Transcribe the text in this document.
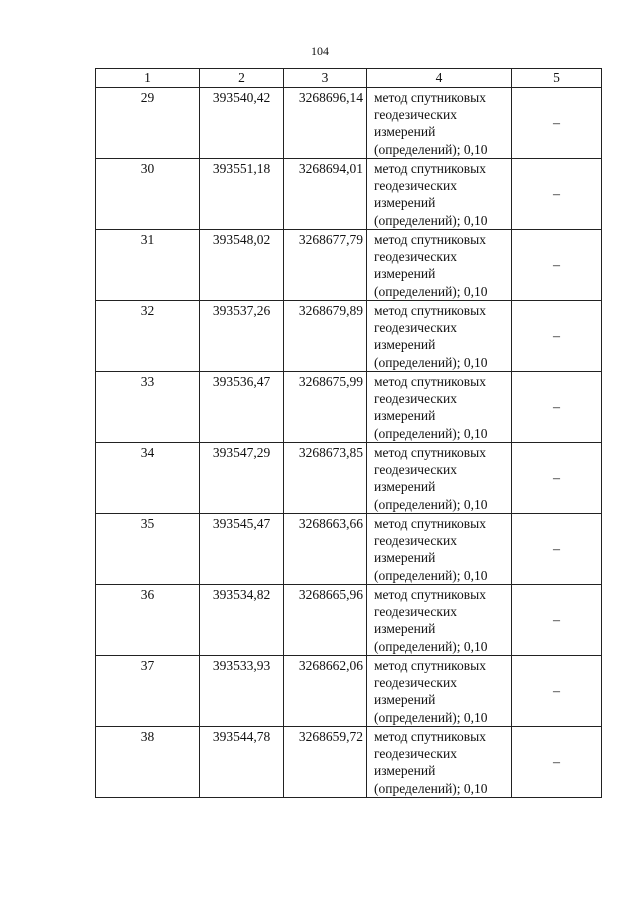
104
1	2	3	4	5
29	393540,42	3268696,14	метод спутниковых
геодезических
измерений
(определений); 0,10	–
30	393551,18	3268694,01	метод спутниковых
геодезических
измерений
(определений); 0,10	–
31	393548,02	3268677,79	метод спутниковых
геодезических
измерений
(определений); 0,10	–
32	393537,26	3268679,89	метод спутниковых
геодезических
измерений
(определений); 0,10	–
33	393536,47	3268675,99	метод спутниковых
геодезических
измерений
(определений); 0,10	–
34	393547,29	3268673,85	метод спутниковых
геодезических
измерений
(определений); 0,10	–
35	393545,47	3268663,66	метод спутниковых
геодезических
измерений
(определений); 0,10	–
36	393534,82	3268665,96	метод спутниковых
геодезических
измерений
(определений); 0,10	–
37	393533,93	3268662,06	метод спутниковых
геодезических
измерений
(определений); 0,10	–
38	393544,78	3268659,72	метод спутниковых
геодезических
измерений
(определений); 0,10	–
